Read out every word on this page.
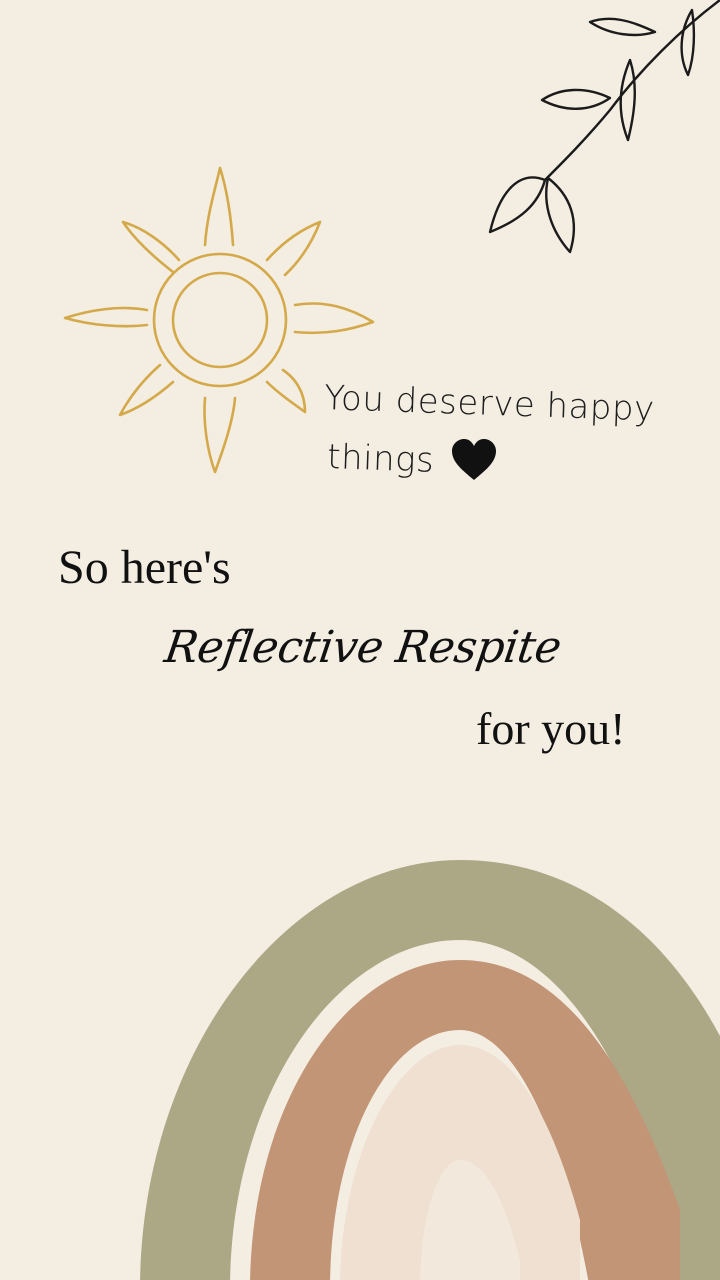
You deserve happy
things
So here's
Reflective Respite
for you!
